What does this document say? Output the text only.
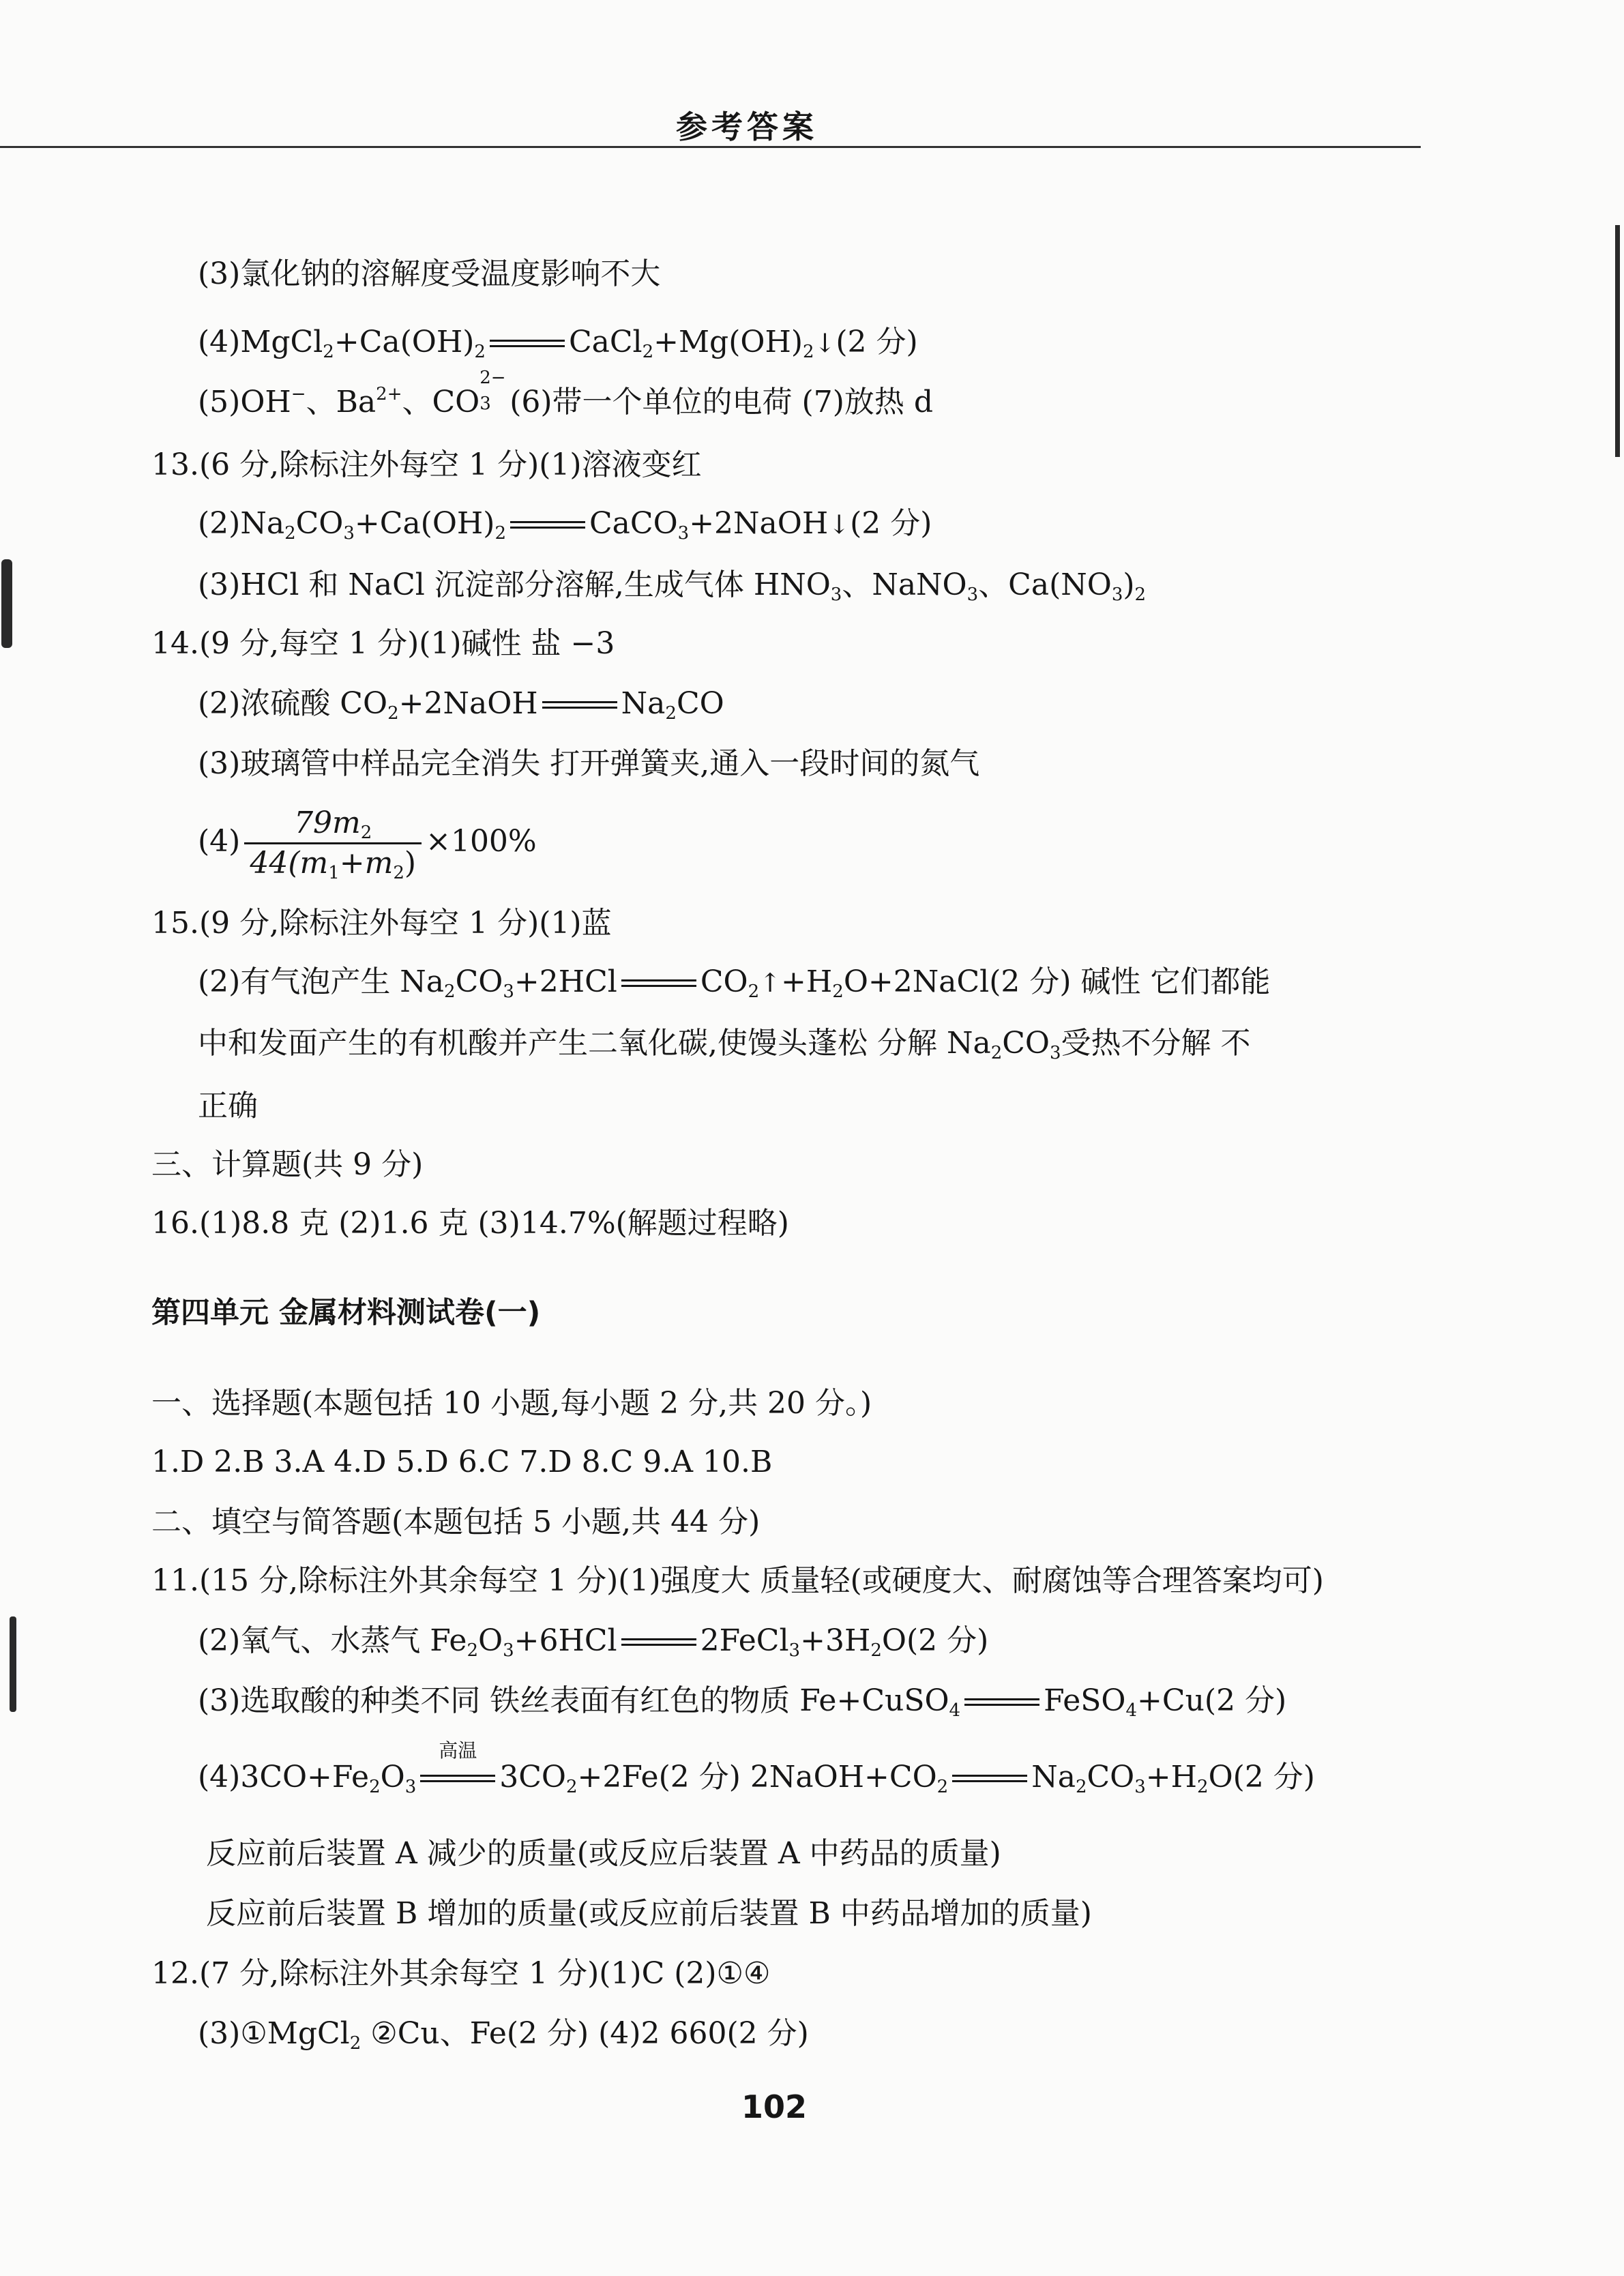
参考答案
(3)氯化钠的溶解度受温度影响不大
$(4)MgCl_2+Ca(OH)_2$	$CaCl_2+Mg(OH)_2↓(2$ 分)
(5)OH−、$Ba^{2+}$、CO
2−
3 (6)带一个单位的电荷 (7)放热 d
13.(6 分,除标注外每空 1 分)(1)溶液变红
$(2)Na_2CO_3+Ca(OH)_2$	CaCO$_3$+2NaOH↓(2 分)
(3)HCl 和 NaCl 沉淀部分溶解,生成气体 $HNO_3$、NaNO$_3$、$Ca(NO_3)_2$
14.(9 分,每空 1 分)(1)碱性 盐 −3
(2)浓硫酸 $CO_2+2NaOH$	$Na_2CO$
(3)玻璃管中样品完全消失 打开弹簧夹,通入一段时间的氮气
$(4) \frac{79m_2}{44(m_1+m_2)} \times 100\%$
15.(9 分,除标注外每空 1 分)(1)蓝
(2)有气泡产生 $Na_2CO_3+2HCl$	$CO_2↑+H_2O+2NaCl(2$ 分) 碱性 它们都能
中和发面产生的有机酸并产生二氧化碳,使馒头蓬松 分解 $Na_2CO_3$受热不分解 不
正确
三、计算题(共 9 分)
16.(1)8.8 克 (2)1.6 克 (3)14.7%(解题过程略)
第四单元 金属材料测试卷(一)
一、选择题(本题包括 10 小题,每小题 2 分,共 20 分。)
1.D 2.B 3.A 4.D 5.D 6.C 7.D 8.C 9.A 10.B
二、填空与简答题(本题包括 5 小题,共 44 分)
11.(15 分,除标注外其余每空 1 分)(1)强度大 质量轻(或硬度大、耐腐蚀等合理答案均可)
(2)氧气、水蒸气 $Fe_2O_3+6HCl$	$2FeCl_3+3H_2O(2$ 分)
(3)选取酸的种类不同 铁丝表面有红色的物质 Fe+CuSO$_4$	FeSO$_4$+Cu(2 分)
$(4)3CO+Fe_2O_3$
高温
$3CO_2+2Fe(2$ 分) $2NaOH+CO_2$	$Na_2CO_3+H_2O(2$ 分)
反应前后装置 A 减少的质量(或反应后装置 A 中药品的质量)
反应前后装置 B 增加的质量(或反应前后装置 B 中药品增加的质量)
12.(7 分,除标注外其余每空 1 分)(1)C (2)①④
(3)①MgCl$_2$ ②Cu、Fe(2 分) (4)2 660(2 分)
102
